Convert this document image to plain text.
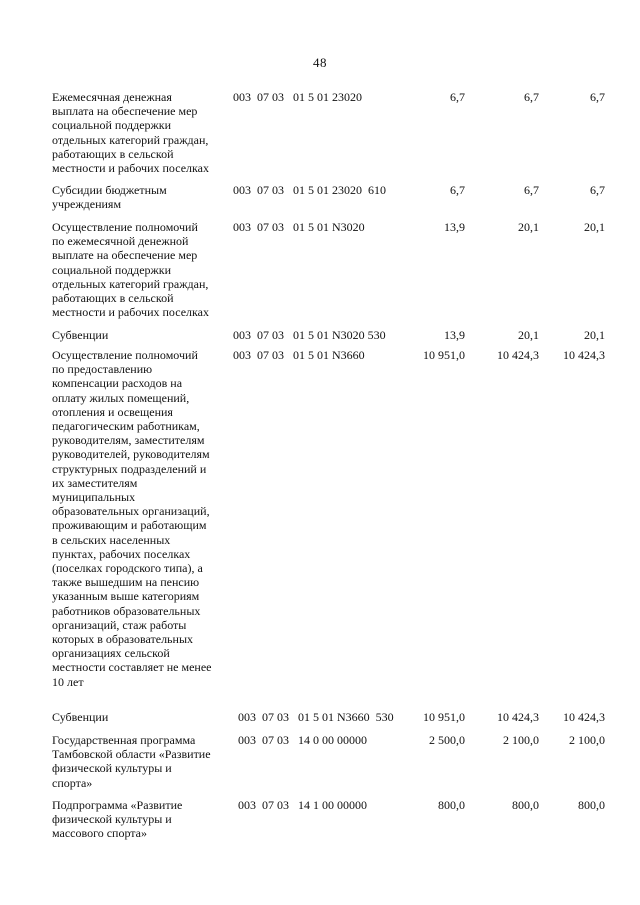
48
Ежемесячная денежная
выплата на обеспечение мер
социальной поддержки
отдельных категорий граждан,
работающих в сельской
местности и рабочих поселках
003  07 03   01 5 01 23020	6,7	6,7	6,7
Субсидии бюджетным
учреждениям
003  07 03   01 5 01 23020  610	6,7	6,7	6,7
Осуществление полномочий
по ежемесячной денежной
выплате на обеспечение мер
социальной поддержки
отдельных категорий граждан,
работающих в сельской
местности и рабочих поселках
003  07 03   01 5 01 N3020	13,9	20,1	20,1
Субвенции	003  07 03   01 5 01 N3020 530	13,9	20,1	20,1
Осуществление полномочий
по предоставлению
компенсации расходов на
оплату жилых помещений,
отопления и освещения
педагогическим работникам,
руководителям, заместителям
руководителей, руководителям
структурных подразделений и
их заместителям
муниципальных
образовательных организаций,
проживающим и работающим
в сельских населенных
пунктах, рабочих поселках
(поселках городского типа), а
также вышедшим на пенсию
указанным выше категориям
работников образовательных
организаций, стаж работы
которых в образовательных
организациях сельской
местности составляет не менее
10 лет
003  07 03   01 5 01 N3660	10 951,0	10 424,3	10 424,3
Субвенции	003  07 03   01 5 01 N3660  530	10 951,0	10 424,3	10 424,3
Государственная программа
Тамбовской области «Развитие
физической культуры и
спорта»
003  07 03   14 0 00 00000	2 500,0	2 100,0	2 100,0
Подпрограмма «Развитие
физической культуры и
массового спорта»
003  07 03   14 1 00 00000	800,0	800,0	800,0
